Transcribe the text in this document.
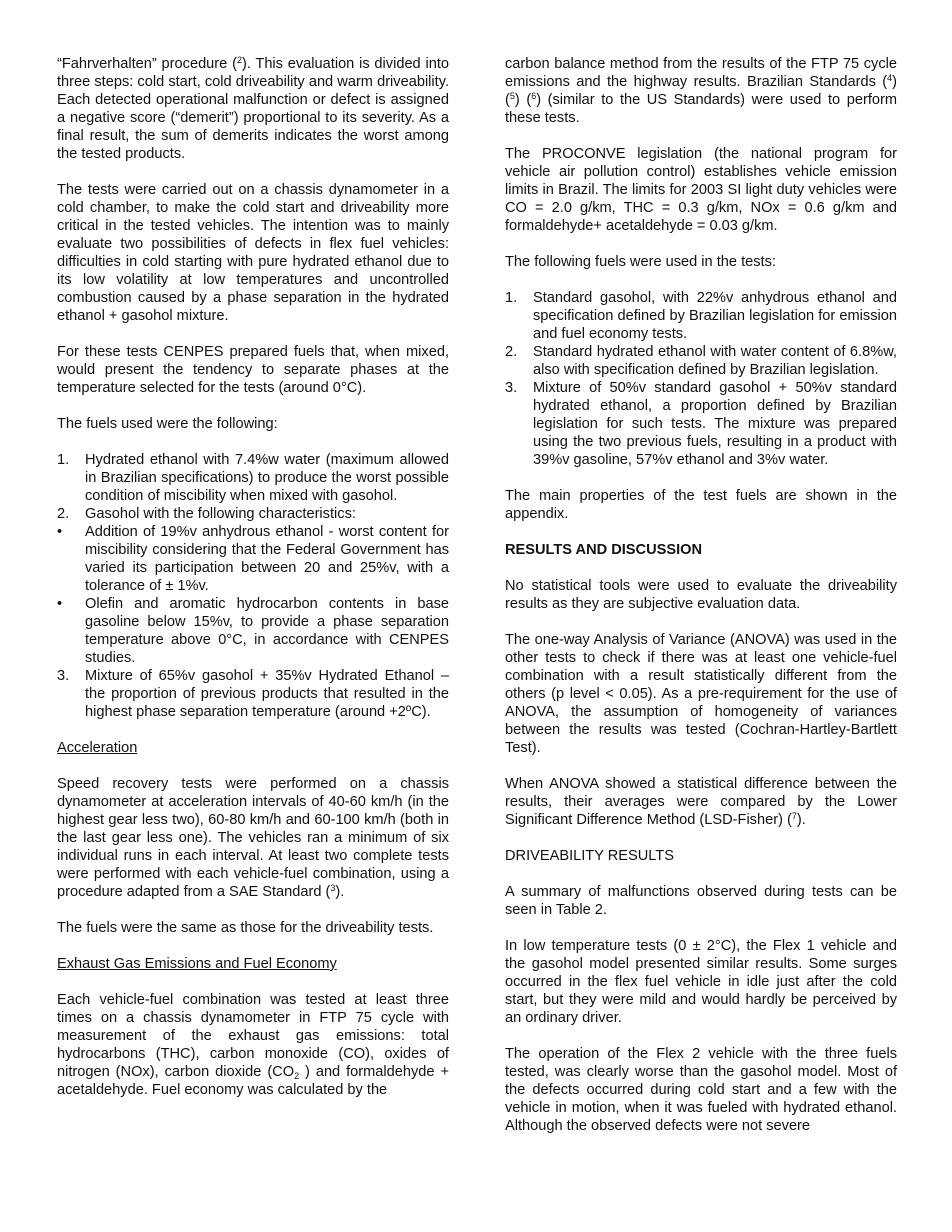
“Fahrverhalten” procedure ($^2$). This evaluation is divided into three steps: cold start, cold driveability and warm driveability. Each detected operational malfunction or defect is assigned a negative score (“demerit”) proportional to its severity. As a final result, the sum of demerits indicates the worst among the tested products.

The tests were carried out on a chassis dynamometer in a cold chamber, to make the cold start and driveability more critical in the tested vehicles. The intention was to mainly evaluate two possibilities of defects in flex fuel vehicles: difficulties in cold starting with pure hydrated ethanol due to its low volatility at low temperatures and uncontrolled combustion caused by a phase separation in the hydrated ethanol + gasohol mixture.

For these tests CENPES prepared fuels that, when mixed, would present the tendency to separate phases at the temperature selected for the tests (around 0°C).

The fuels used were the following:

1. Hydrated ethanol with 7.4%w water (maximum allowed in Brazilian specifications) to produce the worst possible condition of miscibility when mixed with gasohol.
2. Gasohol with the following characteristics:
• Addition of 19%v anhydrous ethanol - worst content for miscibility considering that the Federal Government has varied its participation between 20 and 25%v, with a tolerance of ± 1%v.
• Olefin and aromatic hydrocarbon contents in base gasoline below 15%v, to provide a phase separation temperature above 0°C, in accordance with CENPES studies.
3. Mixture of 65%v gasohol + 35%v Hydrated Ethanol – the proportion of previous products that resulted in the highest phase separation temperature (around +2ºC).

Acceleration

Speed recovery tests were performed on a chassis dynamometer at acceleration intervals of 40-60 km/h (in the highest gear less two), 60-80 km/h and 60-100 km/h (both in the last gear less one). The vehicles ran a minimum of six individual runs in each interval. At least two complete tests were performed with each vehicle-fuel combination, using a procedure adapted from a SAE Standard ($^3$).

The fuels were the same as those for the driveability tests.

Exhaust Gas Emissions and Fuel Economy

Each vehicle-fuel combination was tested at least three times on a chassis dynamometer in FTP 75 cycle with measurement of the exhaust gas emissions: total hydrocarbons (THC), carbon monoxide (CO), oxides of nitrogen (NOx), carbon dioxide ($CO_2$ ) and formaldehyde + acetaldehyde. Fuel economy was calculated by the

carbon balance method from the results of the FTP 75 cycle emissions and the highway results. Brazilian Standards ($^4$) ($^5$) ($^6$) (similar to the US Standards) were used to perform these tests.

The PROCONVE legislation (the national program for vehicle air pollution control) establishes vehicle emission limits in Brazil. The limits for 2003 SI light duty vehicles were CO = 2.0 g/km, THC = 0.3 g/km, NOx = 0.6 g/km and formaldehyde+ acetaldehyde = 0.03 g/km.

The following fuels were used in the tests:

1. Standard gasohol, with 22%v anhydrous ethanol and specification defined by Brazilian legislation for emission and fuel economy tests.
2. Standard hydrated ethanol with water content of 6.8%w, also with specification defined by Brazilian legislation.
3. Mixture of 50%v standard gasohol + 50%v standard hydrated ethanol, a proportion defined by Brazilian legislation for such tests. The mixture was prepared using the two previous fuels, resulting in a product with 39%v gasoline, 57%v ethanol and 3%v water.

The main properties of the test fuels are shown in the appendix.

RESULTS AND DISCUSSION

No statistical tools were used to evaluate the driveability results as they are subjective evaluation data.

The one-way Analysis of Variance (ANOVA) was used in the other tests to check if there was at least one vehicle-fuel combination with a result statistically different from the others (p level < 0.05). As a pre-requirement for the use of ANOVA, the assumption of homogeneity of variances between the results was tested (Cochran-Hartley-Bartlett Test).

When ANOVA showed a statistical difference between the results, their averages were compared by the Lower Significant Difference Method (LSD-Fisher) ($^7$).

DRIVEABILITY RESULTS

A summary of malfunctions observed during tests can be seen in Table 2.

In low temperature tests (0 ± 2°C), the Flex 1 vehicle and the gasohol model presented similar results. Some surges occurred in the flex fuel vehicle in idle just after the cold start, but they were mild and would hardly be perceived by an ordinary driver.

The operation of the Flex 2 vehicle with the three fuels tested, was clearly worse than the gasohol model. Most of the defects occurred during cold start and a few with the vehicle in motion, when it was fueled with hydrated ethanol. Although the observed defects were not severe
